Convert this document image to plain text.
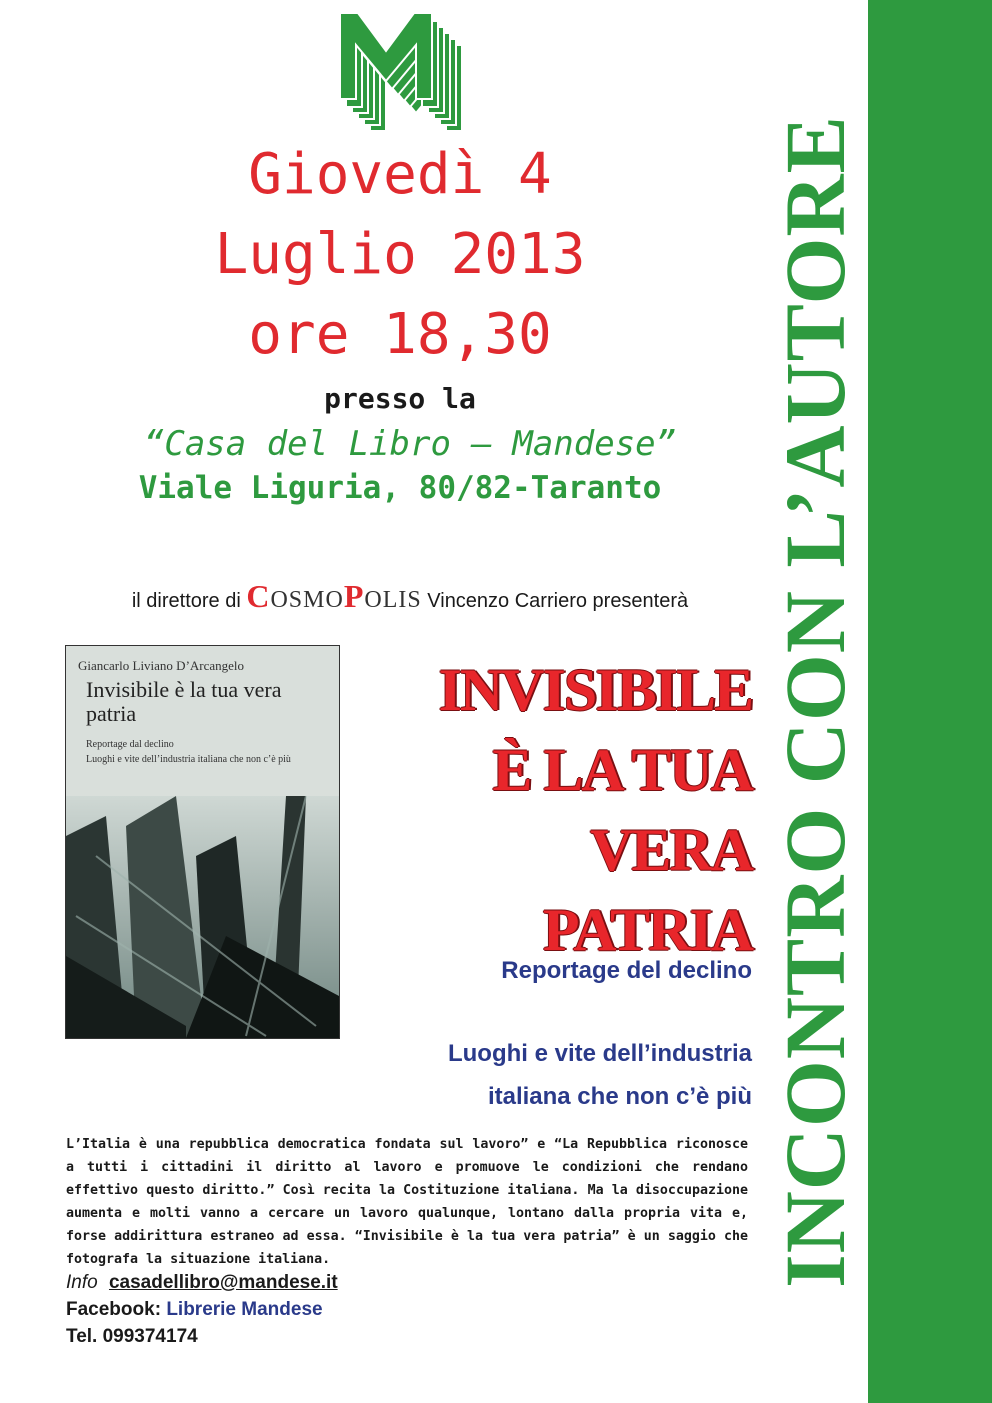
INCONTRO CON L’AUTORE
Giovedì 4
Luglio 2013
ore 18,30
presso la
“Casa del Libro – Mandese”
Viale Liguria, 80/82-Taranto
il direttore di COSMOPOLIS Vincenzo Carriero presenterà
Giancarlo Liviano D’Arcangelo
Invisibile è la tua vera patria
Reportage dal declino
Luoghi e vite dell’industria italiana che non c’è più
INVISIBILE
È LA TUA
VERA
PATRIA
Reportage del declino
Luoghi e vite dell’industria
italiana che non c’è più
L’Italia è una repubblica democratica fondata sul lavoro” e “La Repubblica riconosce a tutti i cittadini il diritto al lavoro e promuove le condizioni che rendano effettivo questo diritto.” Così recita la Costituzione italiana. Ma la disoccupazione aumenta e molti vanno a cercare un lavoro qualunque, lontano dalla propria vita e, forse addirittura estraneo ad essa. “Invisibile è la tua vera patria” è un saggio che fotografa la situazione italiana.
Info casadellibro@mandese.it
Facebook: Librerie Mandese
Tel. 099374174
